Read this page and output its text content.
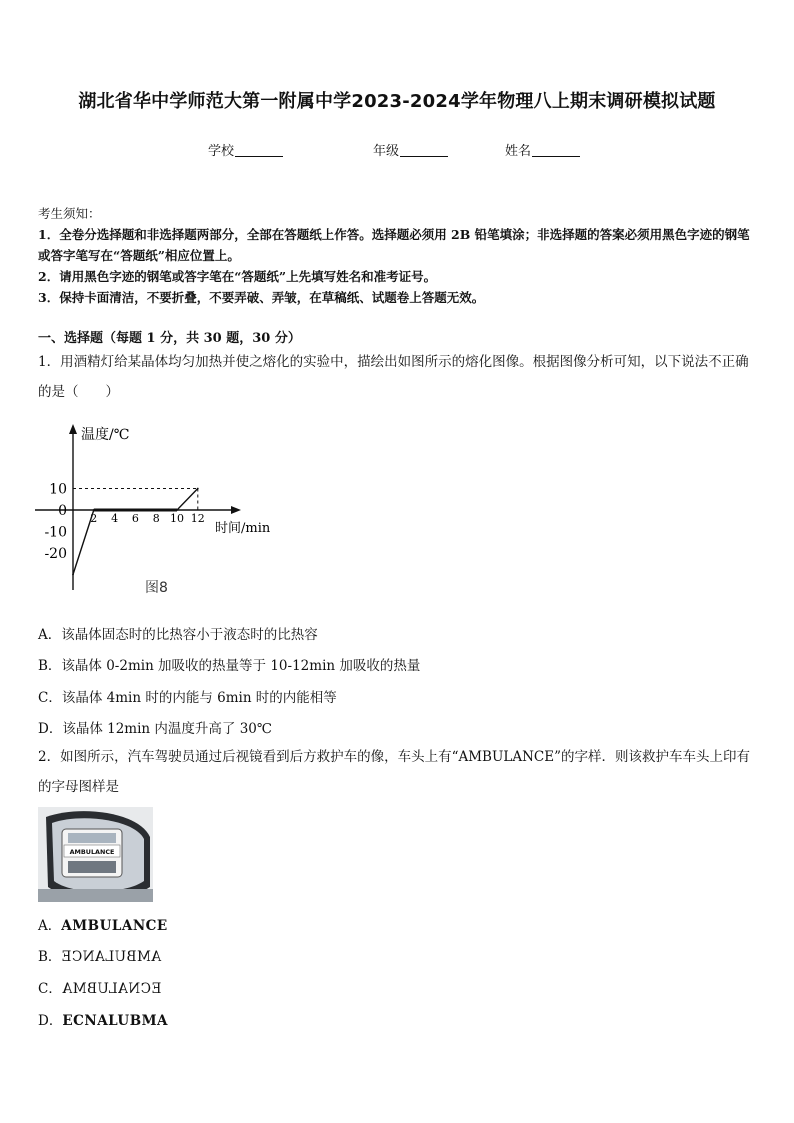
湖北省华中学师范大第一附属中学2023-2024学年物理八上期末调研模拟试题
学校	年级	姓名
考生须知：
1．全卷分选择题和非选择题两部分，全部在答题纸上作答。选择题必须用 2B 铅笔填涂；非选择题的答案必须用黑色字迹的钢笔或答字笔写在“答题纸”相应位置上。
2．请用黑色字迹的钢笔或答字笔在“答题纸”上先填写姓名和准考证号。
3．保持卡面清洁，不要折叠，不要弄破、弄皱，在草稿纸、试题卷上答题无效。
一、选择题（每题 1 分，共 30 题，30 分）
1．用酒精灯给某晶体均匀加热并使之熔化的实验中，描绘出如图所示的熔化图像。根据图像分析可知，以下说法不正确的是（　　）
温度/℃
时间/min
2 4 6 8 10 12
10
0
-10
-20
图8
A．该晶体固态时的比热容小于液态时的比热容
B．该晶体 0-2min 加吸收的热量等于 10-12min 加吸收的热量
C．该晶体 4min 时的内能与 6min 时的内能相等
D．该晶体 12min 内温度升高了 30℃
2．如图所示，汽车驾驶员通过后视镜看到后方救护车的像，车头上有“AMBULANCE”的字样．则该救护车车头上印有的字母图样是
AMBULANCE
A．AMBULANCE
B．AMBULANCE
C．ECNALUBMA
D．ECNALUBMA
